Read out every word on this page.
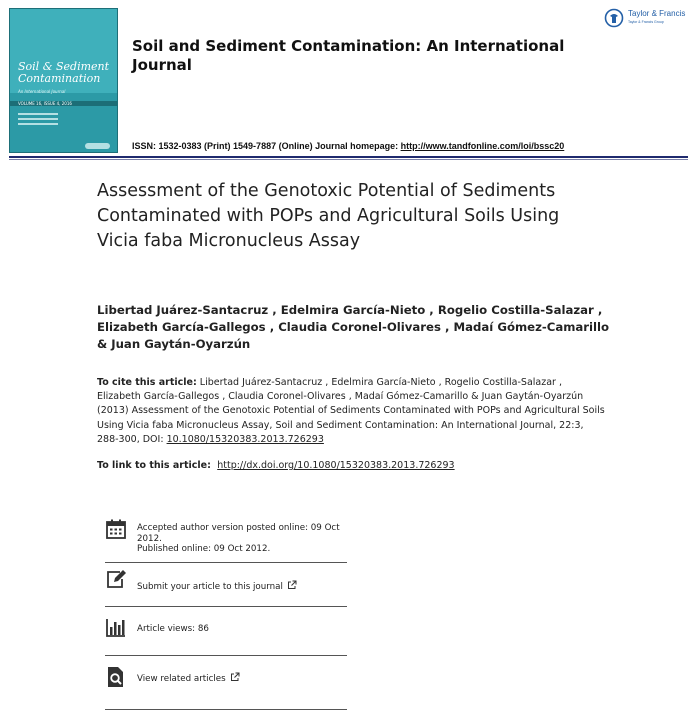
Soil & Sediment
Contamination
An International Journal
VOLUME 16, ISSUE 4, 2016
Soil and Sediment Contamination: An International Journal
Taylor & Francis
Taylor & Francis Group
ISSN: 1532-0383 (Print) 1549-7887 (Online) Journal homepage: http://www.tandfonline.com/loi/bssc20
Assessment of the Genotoxic Potential of Sediments Contaminated with POPs and Agricultural Soils Using Vicia faba Micronucleus Assay
Libertad Juárez-Santacruz , Edelmira García-Nieto , Rogelio Costilla-Salazar , Elizabeth García-Gallegos , Claudia Coronel-Olivares , Madaí Gómez-Camarillo & Juan Gaytán-Oyarzún
To cite this article: Libertad Juárez-Santacruz , Edelmira García-Nieto , Rogelio Costilla-Salazar , Elizabeth García-Gallegos , Claudia Coronel-Olivares , Madaí Gómez-Camarillo & Juan Gaytán-Oyarzún (2013) Assessment of the Genotoxic Potential of Sediments Contaminated with POPs and Agricultural Soils Using Vicia faba Micronucleus Assay, Soil and Sediment Contamination: An International Journal, 22:3, 288-300, DOI: 10.1080/15320383.2013.726293
To link to this article:  http://dx.doi.org/10.1080/15320383.2013.726293
Accepted author version posted online: 09 Oct 2012.
Published online: 09 Oct 2012.
Submit your article to this journal
Article views: 86
View related articles
